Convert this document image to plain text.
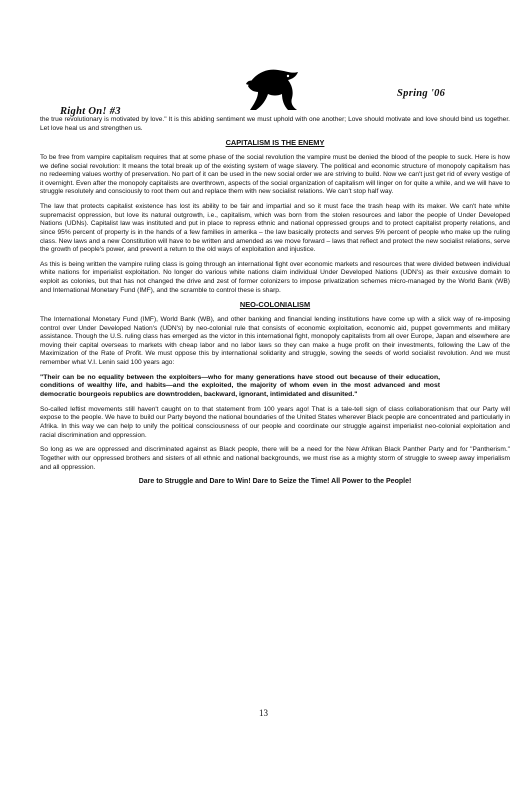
Right On! #3
Spring '06

the true revolutionary is motivated by love." It is this abiding sentiment we must uphold with one another; Love should motivate and love should bind us together. Let love heal us and strengthen us.

CAPITALISM IS THE ENEMY

To be free from vampire capitalism requires that at some phase of the social revolution the vampire must be denied the blood of the people to suck. Here is how we define social revolution: It means the total break up of the existing system of wage slavery. The political and economic structure of monopoly capitalism has no redeeming values worthy of preservation. No part of it can be used in the new social order we are striving to build. Now we can't just get rid of every vestige of it overnight. Even after the monopoly capitalists are overthrown, aspects of the social organization of capitalism will linger on for quite a while, and we will have to struggle resolutely and consciously to root them out and replace them with new socialist relations. We can't stop half way.

The law that protects capitalist existence has lost its ability to be fair and impartial and so it must face the trash heap with its maker. We can't hate white supremacist oppression, but love its natural outgrowth, i.e., capitalism, which was born from the stolen resources and labor the people of Under Developed Nations (UDNs). Capitalist law was instituted and put in place to repress ethnic and national oppressed groups and to protect capitalist property relations, and since 95% percent of property is in the hands of a few families in amerika – the law basically protects and serves 5% percent of people who make up the ruling class. New laws and a new Constitution will have to be written and amended as we move forward – laws that reflect and protect the new socialist relations, serve the growth of people's power, and prevent a return to the old ways of exploitation and injustice.

As this is being written the vampire ruling class is going through an international fight over economic markets and resources that were divided between individual white nations for imperialist exploitation. No longer do various white nations claim individual Under Developed Nations (UDN's) as their excusive domain to exploit as colonies, but that has not changed the drive and zest of former colonizers to impose privatization schemes micro-managed by the World Bank (WB) and International Monetary Fund (IMF), and the scramble to control these is sharp.

NEO-COLONIALISM

The International Monetary Fund (IMF), World Bank (WB), and other banking and financial lending institutions have come up with a slick way of re-imposing control over Under Developed Nation's (UDN's) by neo-colonial rule that consists of economic exploitation, economic aid, puppet governments and military assistance. Though the U.S. ruling class has emerged as the victor in this international fight, monopoly capitalists from all over Europe, Japan and elsewhere are moving their capital overseas to markets with cheap labor and no labor laws so they can make a huge profit on their investments, following the Law of the Maximization of the Rate of Profit. We must oppose this by international solidarity and struggle, sowing the seeds of world socialist revolution. And we must remember what V.I. Lenin said 100 years ago:

"Their can be no equality between the exploiters—who for many generations have stood out because of their education, conditions of wealthy life, and habits—and the exploited, the majority of whom even in the most advanced and most democratic bourgeois republics are downtrodden, backward, ignorant, intimidated and disunited."

So-called leftist movements still haven't caught on to that statement from 100 years ago! That is a tale-tell sign of class collaborationism that our Party will expose to the people. We have to build our Party beyond the national boundaries of the United States wherever Black people are concentrated and particularly in Afrika. In this way we can help to unify the political consciousness of our people and coordinate our struggle against imperialist neo-colonial exploitation and racial discrimination and oppression.

So long as we are oppressed and discriminated against as Black people, there will be a need for the New Afrikan Black Panther Party and for "Pantherism." Together with our oppressed brothers and sisters of all ethnic and national backgrounds, we must rise as a mighty storm of struggle to sweep away imperialism and all oppression.

Dare to Struggle and Dare to Win! Dare to Seize the Time! All Power to the People!
13
